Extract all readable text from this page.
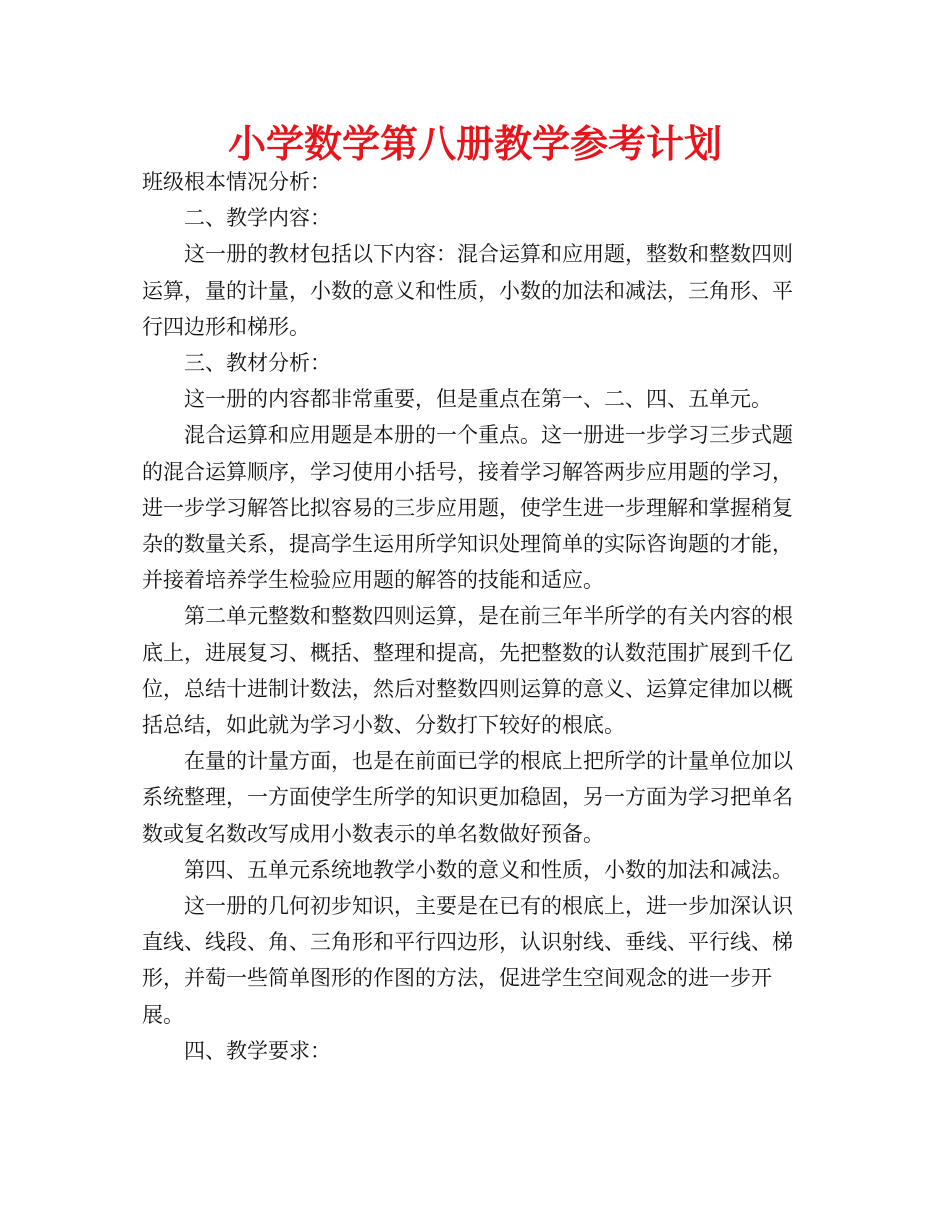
小学数学第八册教学参考计划

班级根本情况分析：

二、教学内容：

这一册的教材包括以下内容：混合运算和应用题，整数和整数四则运算，量的计量，小数的意义和性质，小数的加法和减法，三角形、平行四边形和梯形。

三、教材分析：

这一册的内容都非常重要，但是重点在第一、二、四、五单元。

混合运算和应用题是本册的一个重点。这一册进一步学习三步式题的混合运算顺序，学习使用小括号，接着学习解答两步应用题的学习，进一步学习解答比拟容易的三步应用题，使学生进一步理解和掌握稍复杂的数量关系，提高学生运用所学知识处理简单的实际咨询题的才能，并接着培养学生检验应用题的解答的技能和适应。

第二单元整数和整数四则运算，是在前三年半所学的有关内容的根底上，进展复习、概括、整理和提高，先把整数的认数范围扩展到千亿位，总结十进制计数法，然后对整数四则运算的意义、运算定律加以概括总结，如此就为学习小数、分数打下较好的根底。

在量的计量方面，也是在前面已学的根底上把所学的计量单位加以系统整理，一方面使学生所学的知识更加稳固，另一方面为学习把单名数或复名数改写成用小数表示的单名数做好预备。

第四、五单元系统地教学小数的意义和性质，小数的加法和减法。

这一册的几何初步知识，主要是在已有的根底上，进一步加深认识直线、线段、角、三角形和平行四边形，认识射线、垂线、平行线、梯形，并萄一些简单图形的作图的方法，促进学生空间观念的进一步开展。

四、教学要求：
